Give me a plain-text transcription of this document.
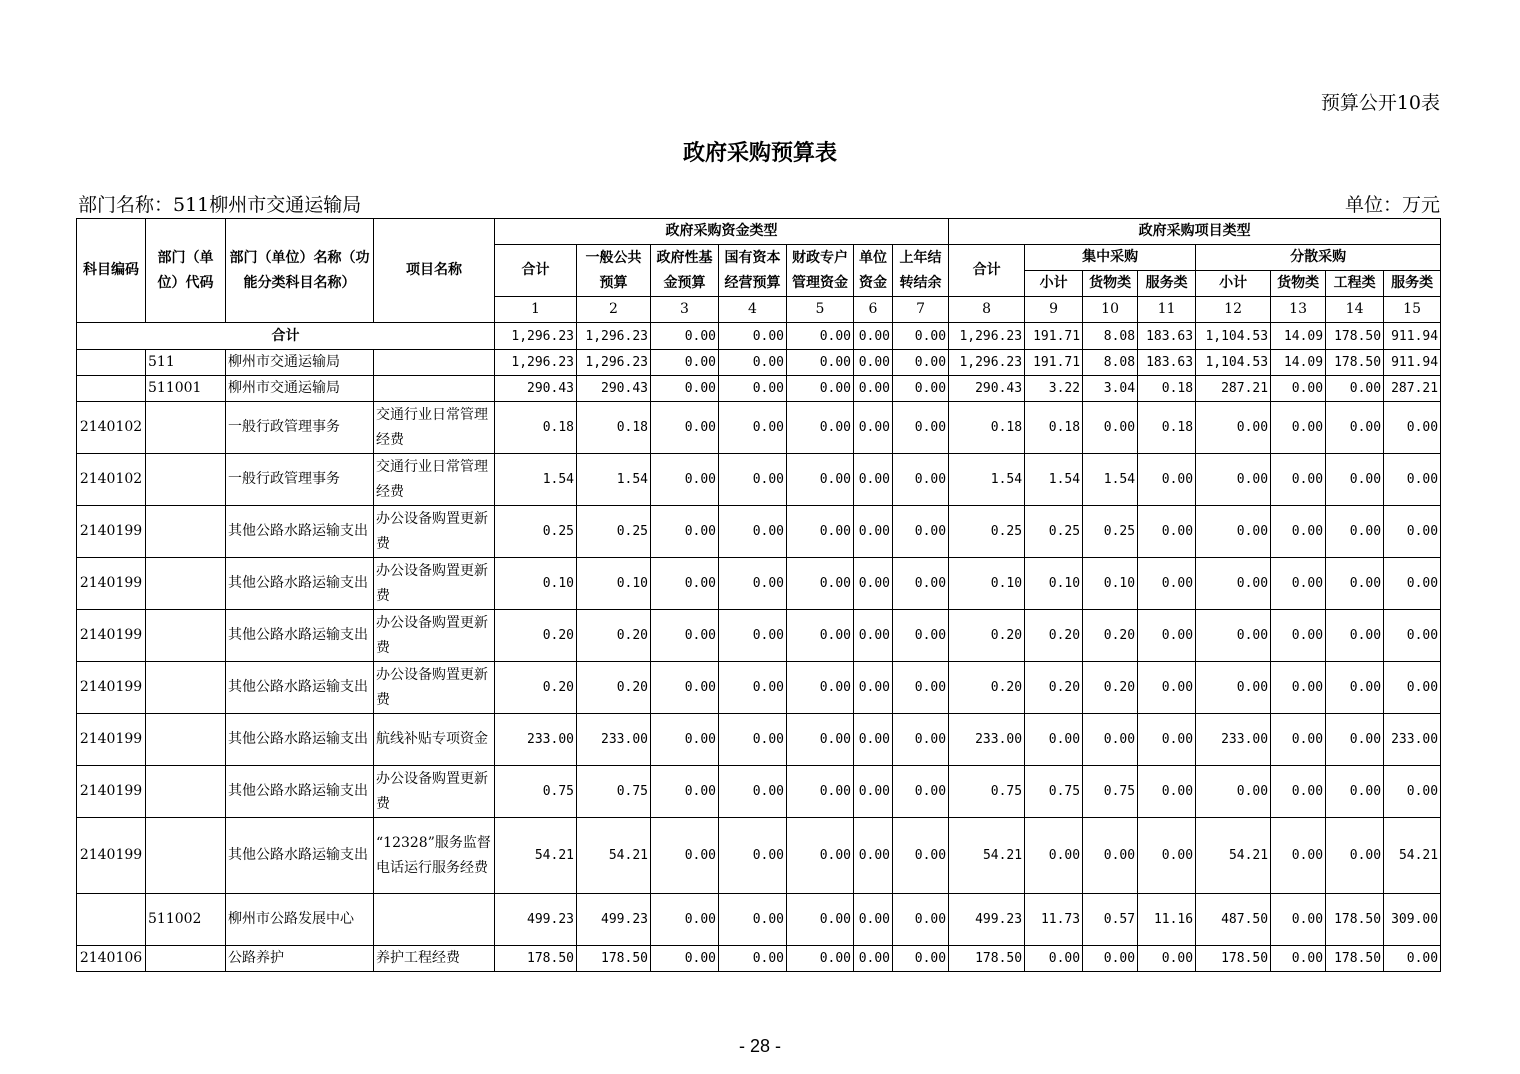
预算公开10表
政府采购预算表
部门名称：511柳州市交通运输局	单位：万元
科目编码	部门（单位）代码	部门（单位）名称（功能分类科目名称）	项目名称	政府采购资金类型							政府采购项目类型							
				合计	一般公共预算	政府性基金预算	国有资本经营预算	财政专户管理资金	单位资金	上年结转结余	合计	集中采购			分散采购			
												小计	货物类	服务类	小计	货物类	工程类	服务类
				1	2	3	4	5	6	7	8	9	10	11	12	13	14	15
合计				1,296.23	1,296.23	0.00	0.00	0.00	0.00	0.00	1,296.23	191.71	8.08	183.63	1,104.53	14.09	178.50	911.94
	511	柳州市交通运输局		1,296.23	1,296.23	0.00	0.00	0.00	0.00	0.00	1,296.23	191.71	8.08	183.63	1,104.53	14.09	178.50	911.94
	511001	柳州市交通运输局		290.43	290.43	0.00	0.00	0.00	0.00	0.00	290.43	3.22	3.04	0.18	287.21	0.00	0.00	287.21
2140102		一般行政管理事务	交通行业日常管理经费	0.18	0.18	0.00	0.00	0.00	0.00	0.00	0.18	0.18	0.00	0.18	0.00	0.00	0.00	0.00
2140102		一般行政管理事务	交通行业日常管理经费	1.54	1.54	0.00	0.00	0.00	0.00	0.00	1.54	1.54	1.54	0.00	0.00	0.00	0.00	0.00
2140199		其他公路水路运输支出	办公设备购置更新费	0.25	0.25	0.00	0.00	0.00	0.00	0.00	0.25	0.25	0.25	0.00	0.00	0.00	0.00	0.00
2140199		其他公路水路运输支出	办公设备购置更新费	0.10	0.10	0.00	0.00	0.00	0.00	0.00	0.10	0.10	0.10	0.00	0.00	0.00	0.00	0.00
2140199		其他公路水路运输支出	办公设备购置更新费	0.20	0.20	0.00	0.00	0.00	0.00	0.00	0.20	0.20	0.20	0.00	0.00	0.00	0.00	0.00
2140199		其他公路水路运输支出	办公设备购置更新费	0.20	0.20	0.00	0.00	0.00	0.00	0.00	0.20	0.20	0.20	0.00	0.00	0.00	0.00	0.00
2140199		其他公路水路运输支出	航线补贴专项资金	233.00	233.00	0.00	0.00	0.00	0.00	0.00	233.00	0.00	0.00	0.00	233.00	0.00	0.00	233.00
2140199		其他公路水路运输支出	办公设备购置更新费	0.75	0.75	0.00	0.00	0.00	0.00	0.00	0.75	0.75	0.75	0.00	0.00	0.00	0.00	0.00
2140199		其他公路水路运输支出	“12328”服务监督电话运行服务经费	54.21	54.21	0.00	0.00	0.00	0.00	0.00	54.21	0.00	0.00	0.00	54.21	0.00	0.00	54.21
	511002	柳州市公路发展中心		499.23	499.23	0.00	0.00	0.00	0.00	0.00	499.23	11.73	0.57	11.16	487.50	0.00	178.50	309.00
2140106		公路养护	养护工程经费	178.50	178.50	0.00	0.00	0.00	0.00	0.00	178.50	0.00	0.00	0.00	178.50	0.00	178.50	0.00
- 28 -
